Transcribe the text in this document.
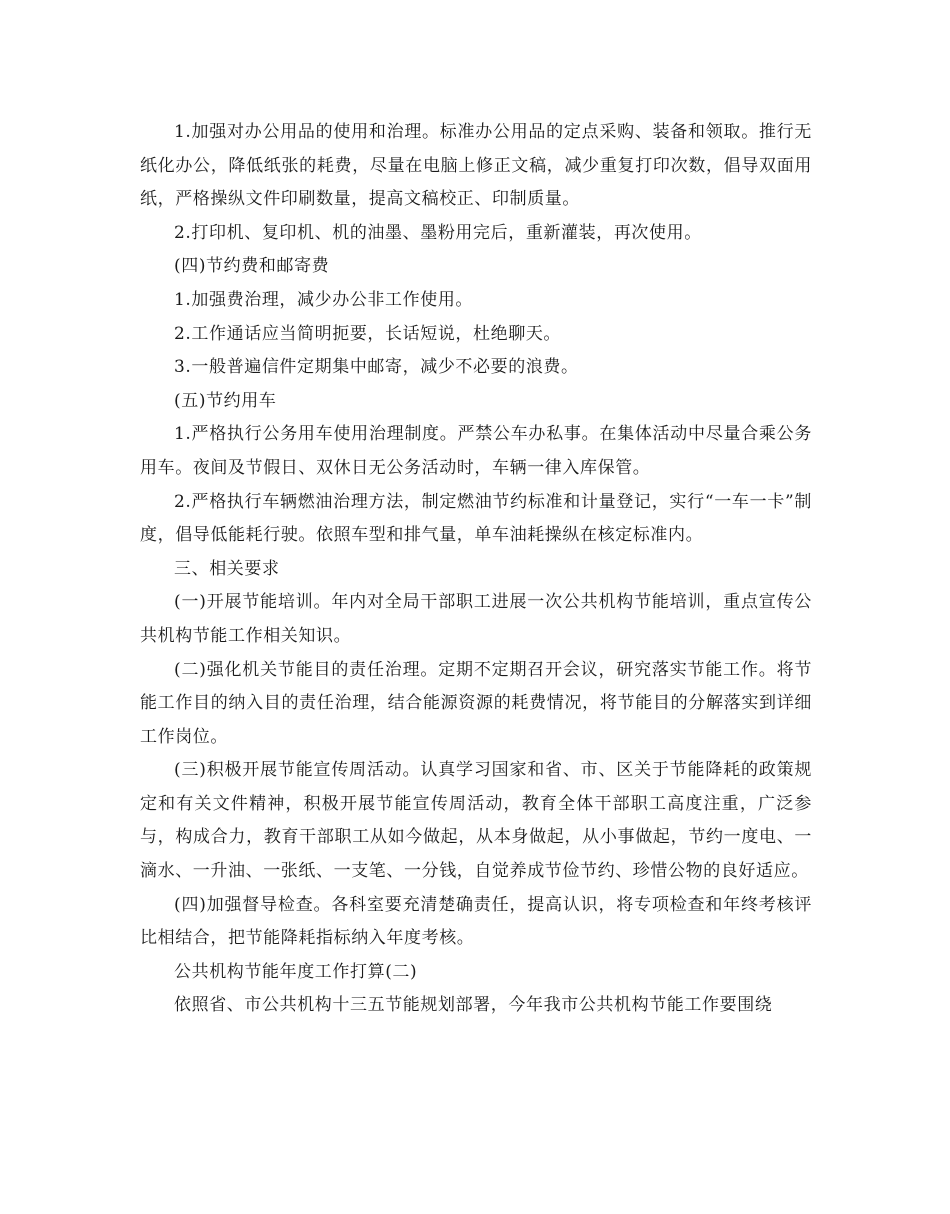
1.加强对办公用品的使用和治理。标准办公用品的定点采购、装备和领取。推行无纸化办公，降低纸张的耗费，尽量在电脑上修正文稿，减少重复打印次数，倡导双面用纸，严格操纵文件印刷数量，提高文稿校正、印制质量。

2.打印机、复印机、机的油墨、墨粉用完后，重新灌装，再次使用。

(四)节约费和邮寄费

1.加强费治理，减少办公非工作使用。

2.工作通话应当简明扼要，长话短说，杜绝聊天。

3.一般普遍信件定期集中邮寄，减少不必要的浪费。

(五)节约用车

1.严格执行公务用车使用治理制度。严禁公车办私事。在集体活动中尽量合乘公务用车。夜间及节假日、双休日无公务活动时，车辆一律入库保管。

2.严格执行车辆燃油治理方法，制定燃油节约标准和计量登记，实行“一车一卡”制度，倡导低能耗行驶。依照车型和排气量，单车油耗操纵在核定标准内。

三、相关要求

(一)开展节能培训。年内对全局干部职工进展一次公共机构节能培训，重点宣传公共机构节能工作相关知识。

(二)强化机关节能目的责任治理。定期不定期召开会议，研究落实节能工作。将节能工作目的纳入目的责任治理，结合能源资源的耗费情况，将节能目的分解落实到详细工作岗位。

(三)积极开展节能宣传周活动。认真学习国家和省、市、区关于节能降耗的政策规定和有关文件精神，积极开展节能宣传周活动，教育全体干部职工高度注重，广泛参与，构成合力，教育干部职工从如今做起，从本身做起，从小事做起，节约一度电、一滴水、一升油、一张纸、一支笔、一分钱，自觉养成节俭节约、珍惜公物的良好适应。

(四)加强督导检查。各科室要充清楚确责任，提高认识，将专项检查和年终考核评比相结合，把节能降耗指标纳入年度考核。

公共机构节能年度工作打算(二)

依照省、市公共机构十三五节能规划部署，今年我市公共机构节能工作要围绕
